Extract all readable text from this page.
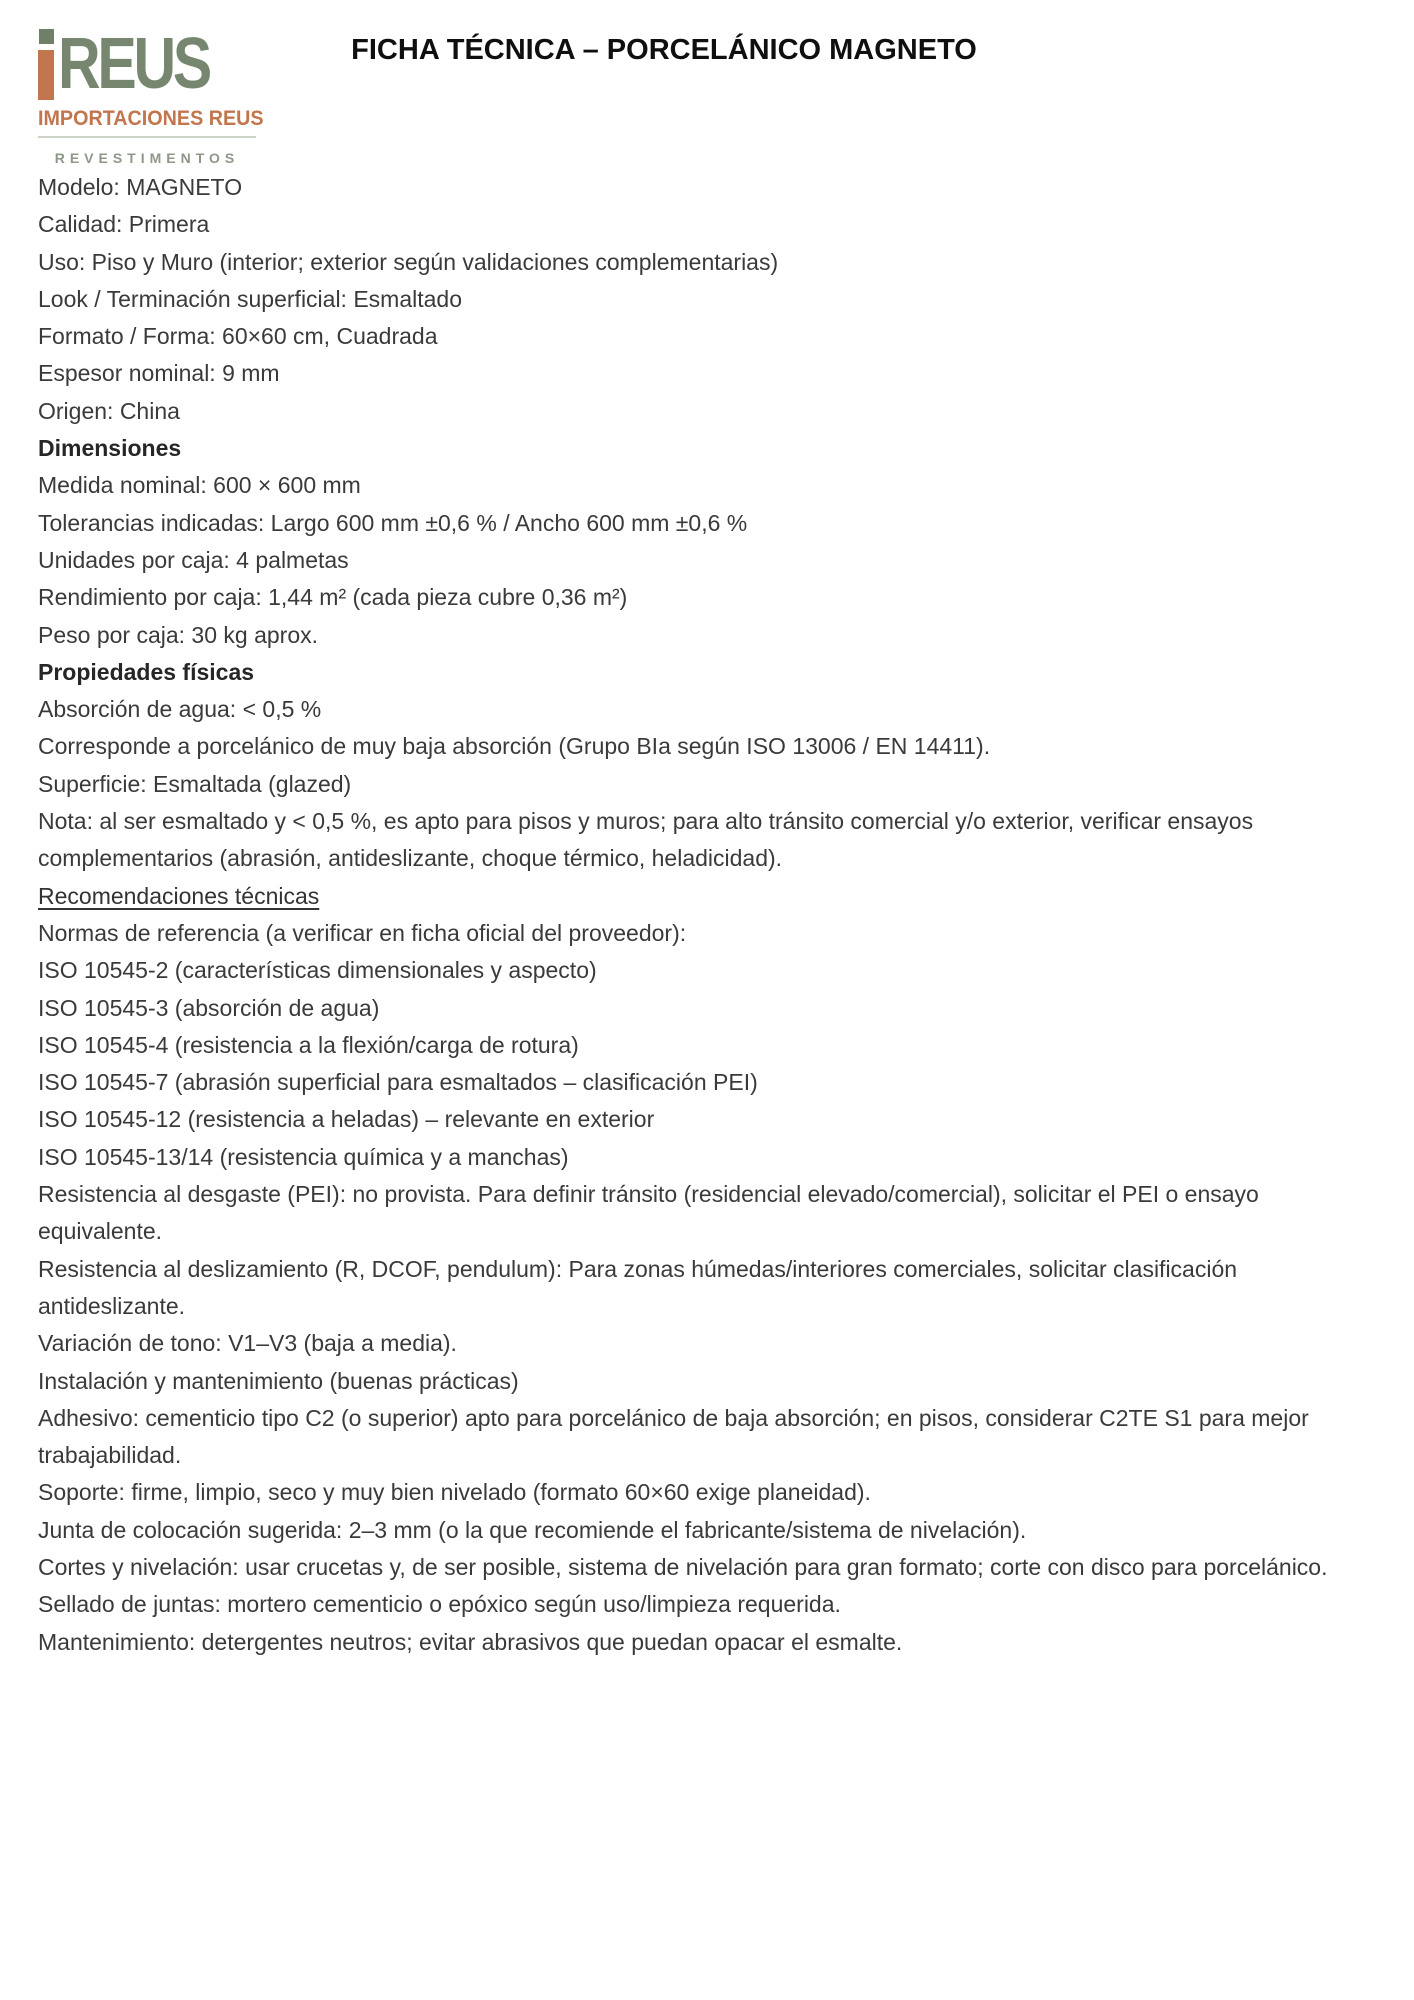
REUS
IMPORTACIONES REUS
REVESTIMENTOS
FICHA TÉCNICA – PORCELÁNICO MAGNETO
Modelo: MAGNETO
Calidad: Primera
Uso: Piso y Muro (interior; exterior según validaciones complementarias)
Look / Terminación superficial: Esmaltado
Formato / Forma: 60×60 cm, Cuadrada
Espesor nominal: 9 mm
Origen: China
Dimensiones
Medida nominal: 600 × 600 mm
Tolerancias indicadas: Largo 600 mm ±0,6 % / Ancho 600 mm ±0,6 %
Unidades por caja: 4 palmetas
Rendimiento por caja: 1,44 m² (cada pieza cubre 0,36 m²)
Peso por caja: 30 kg aprox.
Propiedades físicas
Absorción de agua: < 0,5 %
Corresponde a porcelánico de muy baja absorción (Grupo BIa según ISO 13006 / EN 14411).
Superficie: Esmaltada (glazed)

Nota: al ser esmaltado y < 0,5 %, es apto para pisos y muros; para alto tránsito comercial y/o exterior, verificar ensayos complementarios (abrasión, antideslizante, choque térmico, heladicidad).

Recomendaciones técnicas
Normas de referencia (a verificar en ficha oficial del proveedor):
ISO 10545-2 (características dimensionales y aspecto)
ISO 10545-3 (absorción de agua)
ISO 10545-4 (resistencia a la flexión/carga de rotura)
ISO 10545-7 (abrasión superficial para esmaltados – clasificación PEI)
ISO 10545-12 (resistencia a heladas) – relevante en exterior
ISO 10545-13/14 (resistencia química y a manchas)

Resistencia al desgaste (PEI): no provista. Para definir tránsito (residencial elevado/comercial), solicitar el PEI o ensayo equivalente.

Resistencia al deslizamiento (R, DCOF, pendulum): Para zonas húmedas/interiores comerciales, solicitar clasificación antideslizante.

Variación de tono: V1–V3 (baja a media).

Instalación y mantenimiento (buenas prácticas)

Adhesivo: cementicio tipo C2 (o superior) apto para porcelánico de baja absorción; en pisos, considerar C2TE S1 para mejor trabajabilidad.

Soporte: firme, limpio, seco y muy bien nivelado (formato 60×60 exige planeidad).

Junta de colocación sugerida: 2–3 mm (o la que recomiende el fabricante/sistema de nivelación).

Cortes y nivelación: usar crucetas y, de ser posible, sistema de nivelación para gran formato; corte con disco para porcelánico.

Sellado de juntas: mortero cementicio o epóxico según uso/limpieza requerida.

Mantenimiento: detergentes neutros; evitar abrasivos que puedan opacar el esmalte.
